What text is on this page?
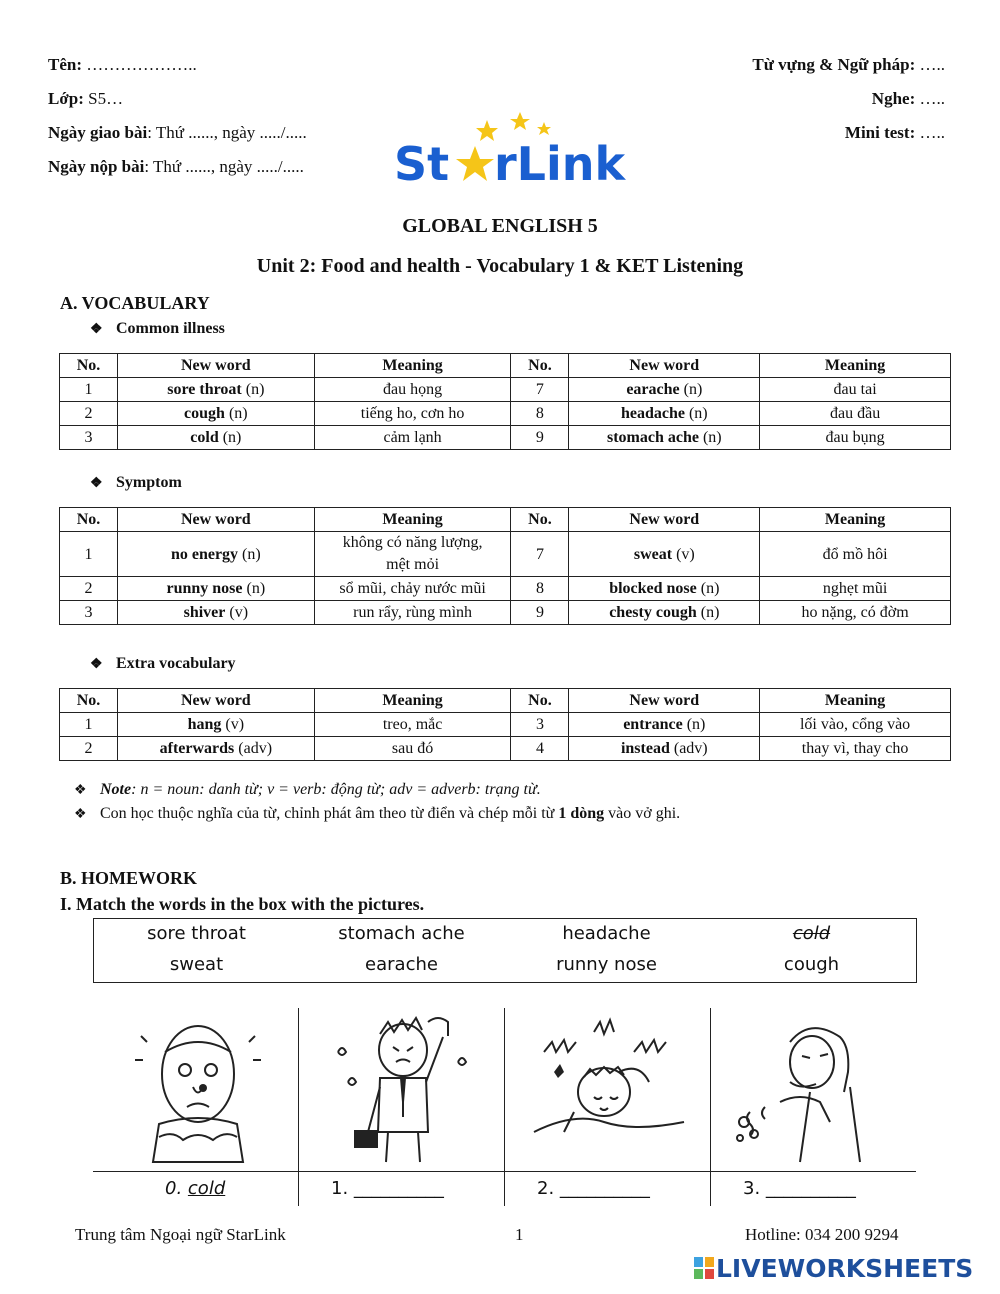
Tên: ………………..
Lớp: S5…
Ngày giao bài: Thứ ......, ngày ...../.....
Ngày nộp bài: Thứ ......, ngày ...../.....
Từ vựng & Ngữ pháp: …..
Nghe: …..
Mini test: …..
St rLink
GLOBAL ENGLISH 5
Unit 2: Food and health - Vocabulary 1 & KET Listening
A. VOCABULARY
❖ Common illness
No.	New word	Meaning	No.	New word	Meaning
1	sore throat (n)	đau họng	7	earache (n)	đau tai
2	cough (n)	tiếng ho, cơn ho	8	headache (n)	đau đầu
3	cold (n)	cảm lạnh	9	stomach ache (n)	đau bụng
❖ Symptom
No.	New word	Meaning	No.	New word	Meaning
1	no energy (n)	không có năng lượng, mệt mỏi	7	sweat (v)	đổ mồ hôi
2	runny nose (n)	sổ mũi, chảy nước mũi	8	blocked nose (n)	nghẹt mũi
3	shiver (v)	run rẩy, rùng mình	9	chesty cough (n)	ho nặng, có đờm
❖ Extra vocabulary
No.	New word	Meaning	No.	New word	Meaning
1	hang (v)	treo, mắc	3	entrance (n)	lối vào, cổng vào
2	afterwards (adv)	sau đó	4	instead (adv)	thay vì, thay cho
❖ Note: n = noun: danh từ; v = verb: động từ; adv = adverb: trạng từ.
❖ Con học thuộc nghĩa của từ, chỉnh phát âm theo từ điển và chép mỗi từ 1 dòng vào vở ghi.
B. HOMEWORK
I. Match the words in the box with the pictures.
sore throat	stomach ache	headache	cold
sweat	earache	runny nose	cough
0. cold	1. __________	2. __________	3. __________
Trung tâm Ngoại ngữ StarLink	1	Hotline: 034 200 9294
LIVEWORKSHEETS
